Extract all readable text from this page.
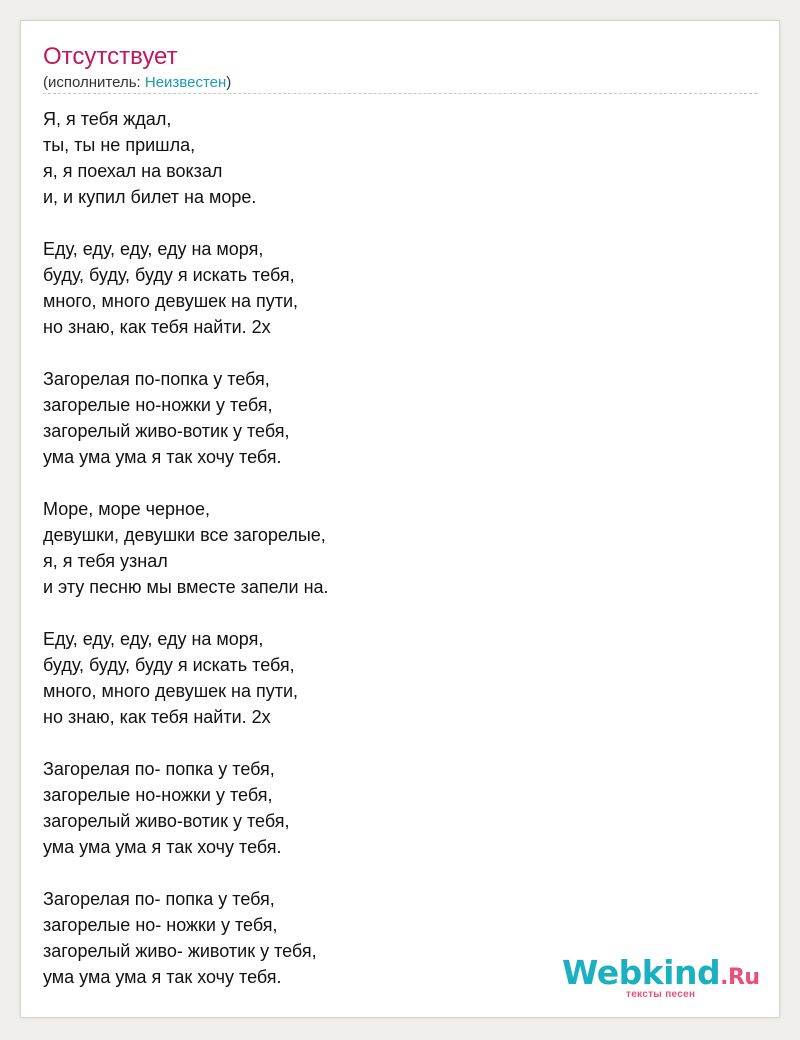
Отсутствует
(исполнитель: Неизвестен)
Я, я тебя ждал,
ты, ты не пришла,
я, я поехал на вокзал
и, и купил билет на море.
Еду, еду, еду, еду на моря,
буду, буду, буду я искать тебя,
много, много девушек на пути,
но знаю, как тебя найти. 2х
Загорелая по-попка у тебя,
загорелые но-ножки у тебя,
загорелый живо-вотик у тебя,
ума ума ума я так хочу тебя.
Море, море черное,
девушки, девушки все загорелые,
я, я тебя узнал
и эту песню мы вместе запели на.
Еду, еду, еду, еду на моря,
буду, буду, буду я искать тебя,
много, много девушек на пути,
но знаю, как тебя найти. 2х
Загорелая по- попка у тебя,
загорелые но-ножки у тебя,
загорелый живо-вотик у тебя,
ума ума ума я так хочу тебя.
Загорелая по- попка у тебя,
загорелые но- ножки у тебя,
загорелый живо- животик у тебя,
ума ума ума я так хочу тебя.	Webkind.Ru
тексты песен
